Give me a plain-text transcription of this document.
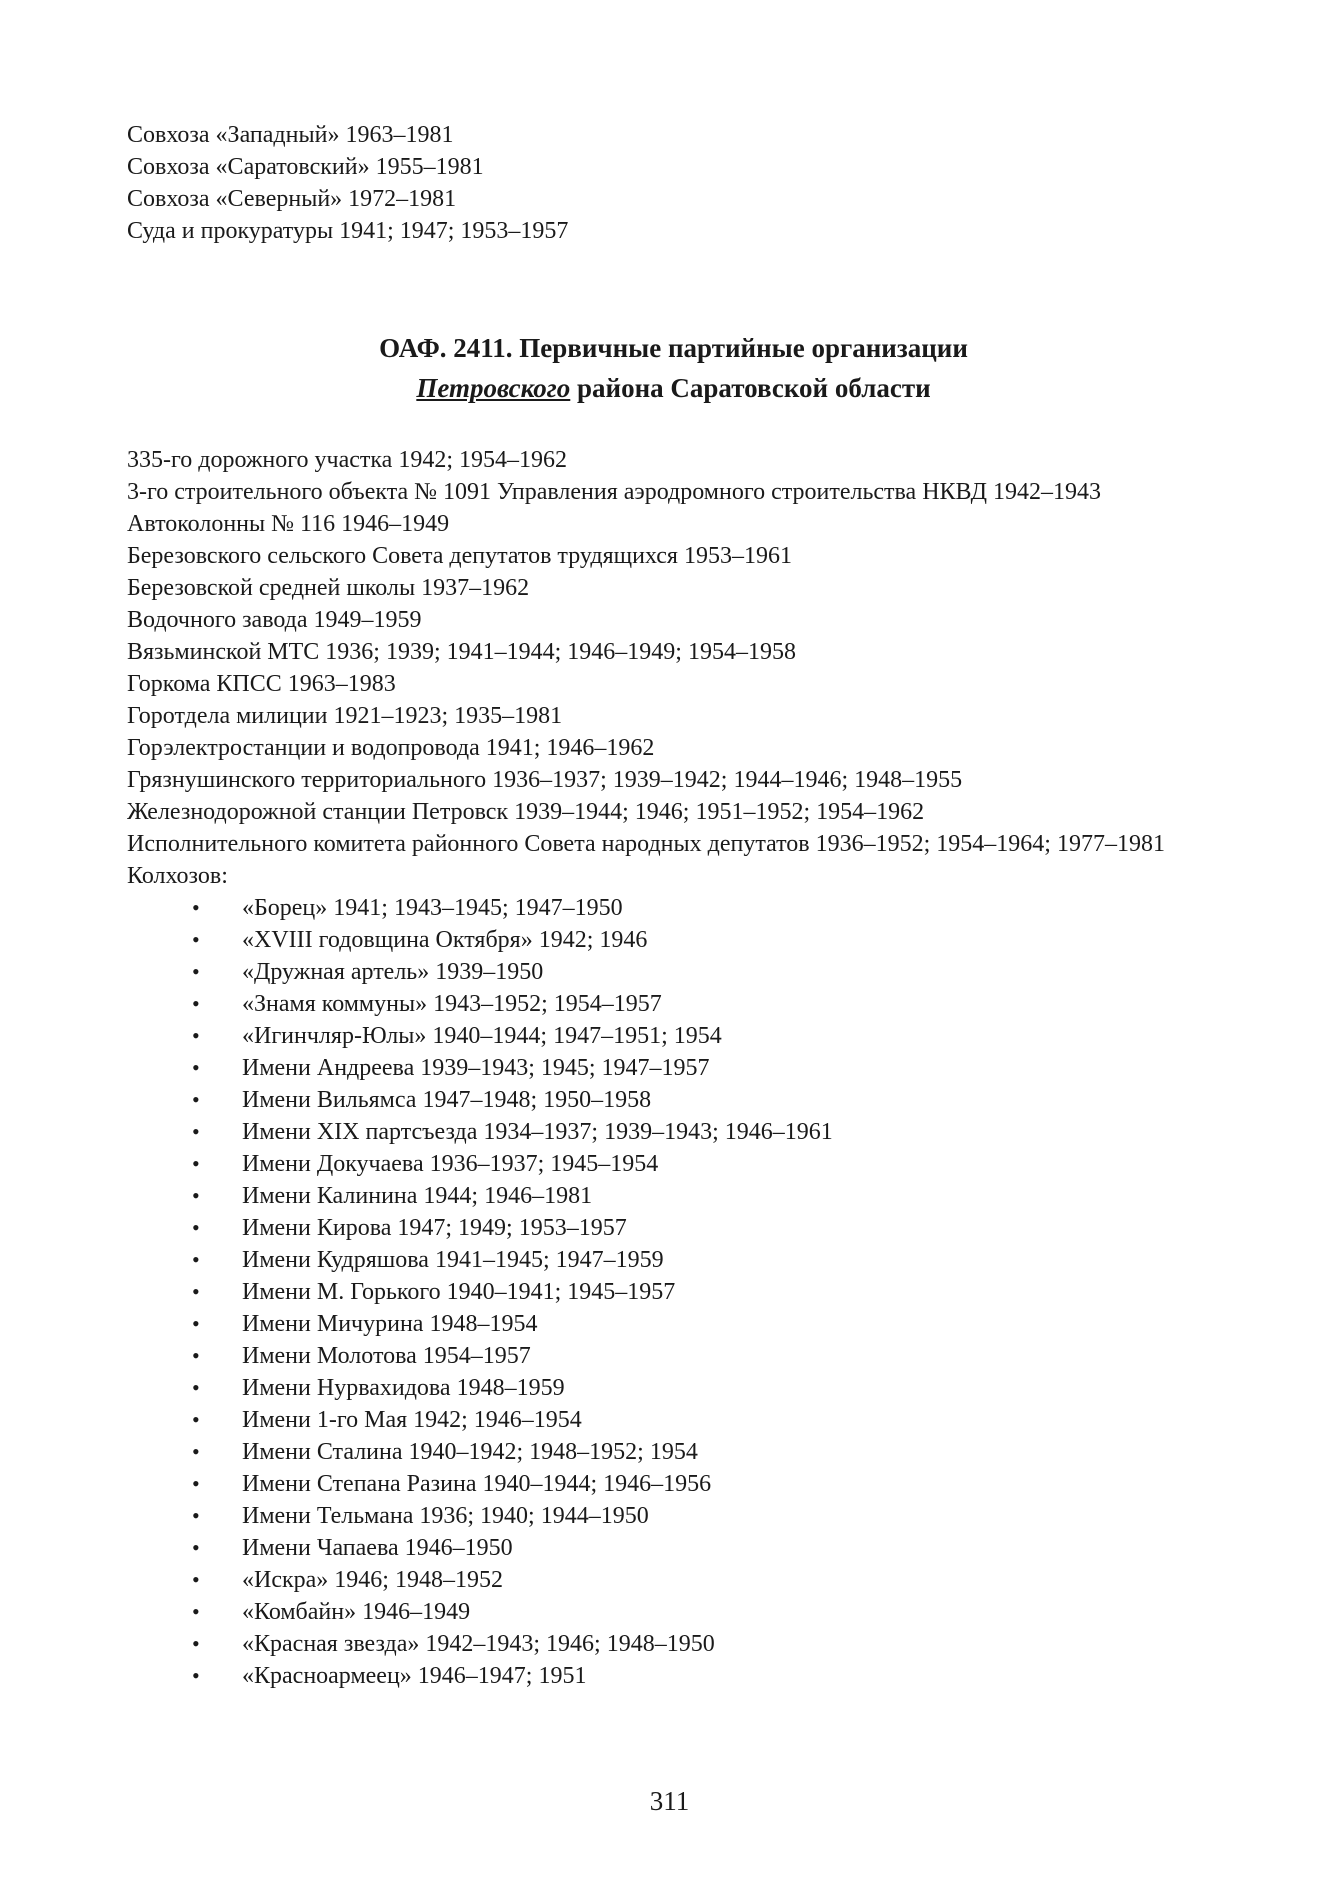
Совхоза «Западный» 1963–1981
Совхоза «Саратовский» 1955–1981
Совхоза «Северный» 1972–1981
Суда и прокуратуры 1941; 1947; 1953–1957
ОАФ. 2411. Первичные партийные организации
Петровского района Саратовской области
335-го дорожного участка 1942; 1954–1962
3-го строительного объекта № 1091 Управления аэродромного строительства НКВД 1942–1943
Автоколонны № 116 1946–1949
Березовского сельского Совета депутатов трудящихся 1953–1961
Березовской средней школы 1937–1962
Водочного завода 1949–1959
Вязьминской МТС 1936; 1939; 1941–1944; 1946–1949; 1954–1958
Горкома КПСС 1963–1983
Горотдела милиции 1921–1923; 1935–1981
Горэлектростанции и водопровода 1941; 1946–1962
Грязнушинского территориального 1936–1937; 1939–1942; 1944–1946; 1948–1955
Железнодорожной станции Петровск 1939–1944; 1946; 1951–1952; 1954–1962
Исполнительного комитета районного Совета народных депутатов 1936–1952; 1954–1964; 1977–1981
Колхозов:
• «Борец» 1941; 1943–1945; 1947–1950
• «XVIII годовщина Октября» 1942; 1946
• «Дружная артель» 1939–1950
• «Знамя коммуны» 1943–1952; 1954–1957
• «Игинчляр-Юлы» 1940–1944; 1947–1951; 1954
• Имени Андреева 1939–1943; 1945; 1947–1957
• Имени Вильямса 1947–1948; 1950–1958
• Имени XIX партсъезда 1934–1937; 1939–1943; 1946–1961
• Имени Докучаева 1936–1937; 1945–1954
• Имени Калинина 1944; 1946–1981
• Имени Кирова 1947; 1949; 1953–1957
• Имени Кудряшова 1941–1945; 1947–1959
• Имени М. Горького 1940–1941; 1945–1957
• Имени Мичурина 1948–1954
• Имени Молотова 1954–1957
• Имени Нурвахидова 1948–1959
• Имени 1-го Мая 1942; 1946–1954
• Имени Сталина 1940–1942; 1948–1952; 1954
• Имени Степана Разина 1940–1944; 1946–1956
• Имени Тельмана 1936; 1940; 1944–1950
• Имени Чапаева 1946–1950
• «Искра» 1946; 1948–1952
• «Комбайн» 1946–1949
• «Красная звезда» 1942–1943; 1946; 1948–1950
• «Красноармеец» 1946–1947; 1951
311
